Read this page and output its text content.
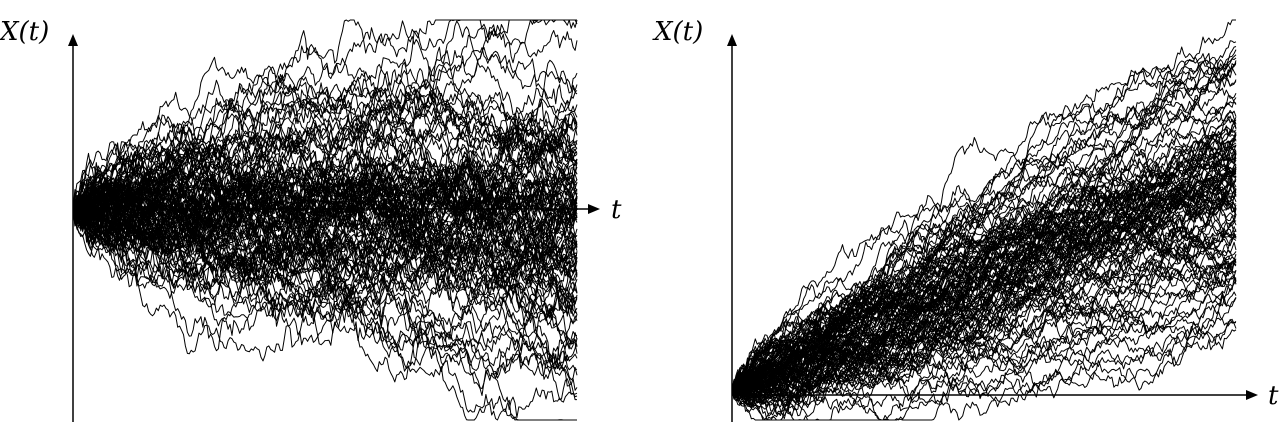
X(t)
t
X(t)
t
